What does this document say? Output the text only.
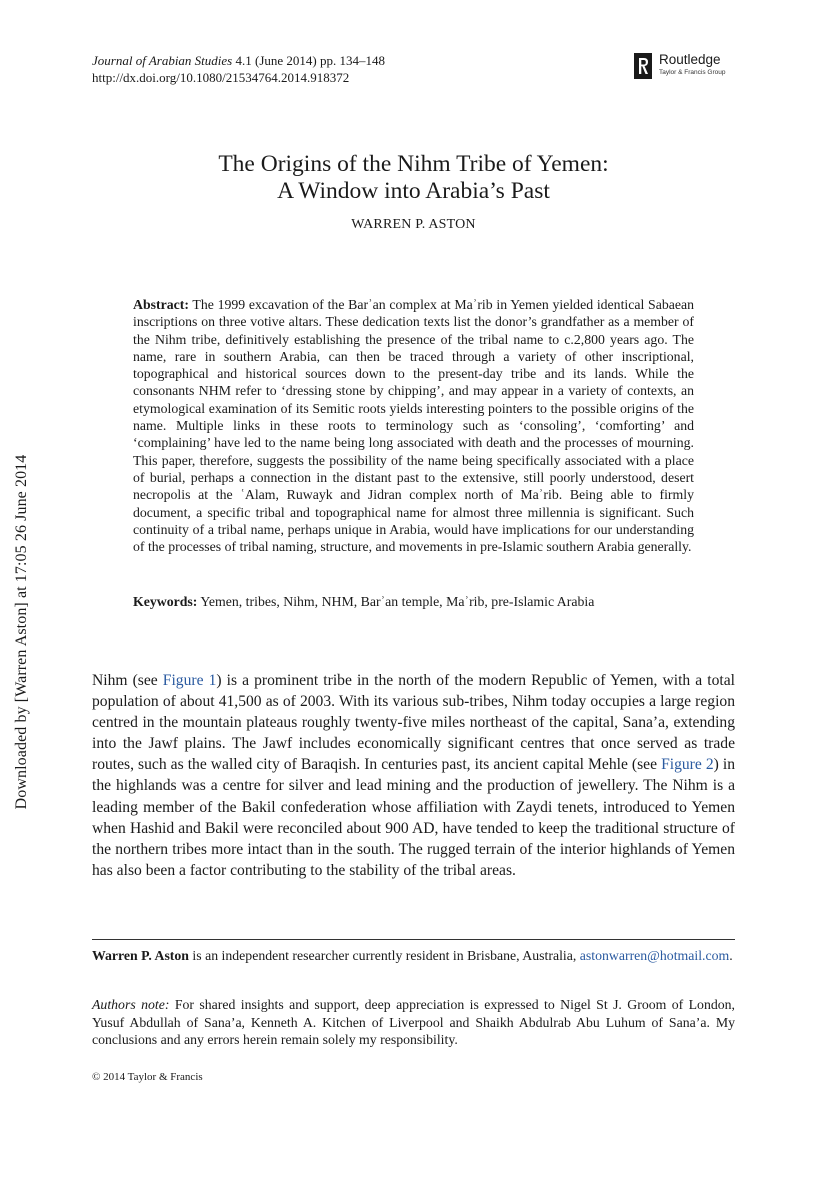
Journal of Arabian Studies 4.1 (June 2014) pp. 134–148
http://dx.doi.org/10.1080/21534764.2014.918372
Routledge
Taylor & Francis Group
Downloaded by [Warren Aston] at 17:05 26 June 2014
The Origins of the Nihm Tribe of Yemen:
A Window into Arabia’s Past
WARREN P. ASTON

Abstract: The 1999 excavation of the Barʾan complex at Maʾrib in Yemen yielded identical Sabaean inscriptions on three votive altars. These dedication texts list the donor’s grandfather as a member of the Nihm tribe, definitively establishing the presence of the tribal name to c.2,800 years ago. The name, rare in southern Arabia, can then be traced through a variety of other inscriptional, topographical and historical sources down to the present-day tribe and its lands. While the consonants NHM refer to ‘dressing stone by chipping’, and may appear in a variety of contexts, an etymological examination of its Semitic roots yields interesting pointers to the possible origins of the name. Multiple links in these roots to terminology such as ‘consoling’, ‘comforting’ and ‘complaining’ have led to the name being long associated with death and the processes of mourning. This paper, therefore, suggests the possibility of the name being specifically associated with a place of burial, perhaps a connection in the distant past to the extensive, still poorly understood, desert necropolis at the ʿAlam, Ruwayk and Jidran complex north of Maʾrib. Being able to firmly document, a specific tribal and topographical name for almost three millennia is significant. Such continuity of a tribal name, perhaps unique in Arabia, would have implications for our understanding of the processes of tribal naming, structure, and movements in pre-Islamic southern Arabia generally.

Keywords: Yemen, tribes, Nihm, NHM, Barʾan temple, Maʾrib, pre-Islamic Arabia

Nihm (see Figure 1) is a prominent tribe in the north of the modern Republic of Yemen, with a total population of about 41,500 as of 2003. With its various sub-tribes, Nihm today occupies a large region centred in the mountain plateaus roughly twenty-five miles northeast of the capital, Sana’a, extending into the Jawf plains. The Jawf includes economically significant centres that once served as trade routes, such as the walled city of Baraqish. In centuries past, its ancient capital Mehle (see Figure 2) in the highlands was a centre for silver and lead mining and the production of jewellery. The Nihm is a leading member of the Bakil confederation whose affiliation with Zaydi tenets, introduced to Yemen when Hashid and Bakil were reconciled about 900 AD, have tended to keep the traditional structure of the northern tribes more intact than in the south. The rugged terrain of the interior highlands of Yemen has also been a factor contributing to the stability of the tribal areas.

Warren P. Aston is an independent researcher currently resident in Brisbane, Australia, astonwarren@hotmail.com.

Authors note: For shared insights and support, deep appreciation is expressed to Nigel St J. Groom of London, Yusuf Abdullah of Sana’a, Kenneth A. Kitchen of Liverpool and Shaikh Abdulrab Abu Luhum of Sana’a. My conclusions and any errors herein remain solely my responsibility.

© 2014 Taylor & Francis
